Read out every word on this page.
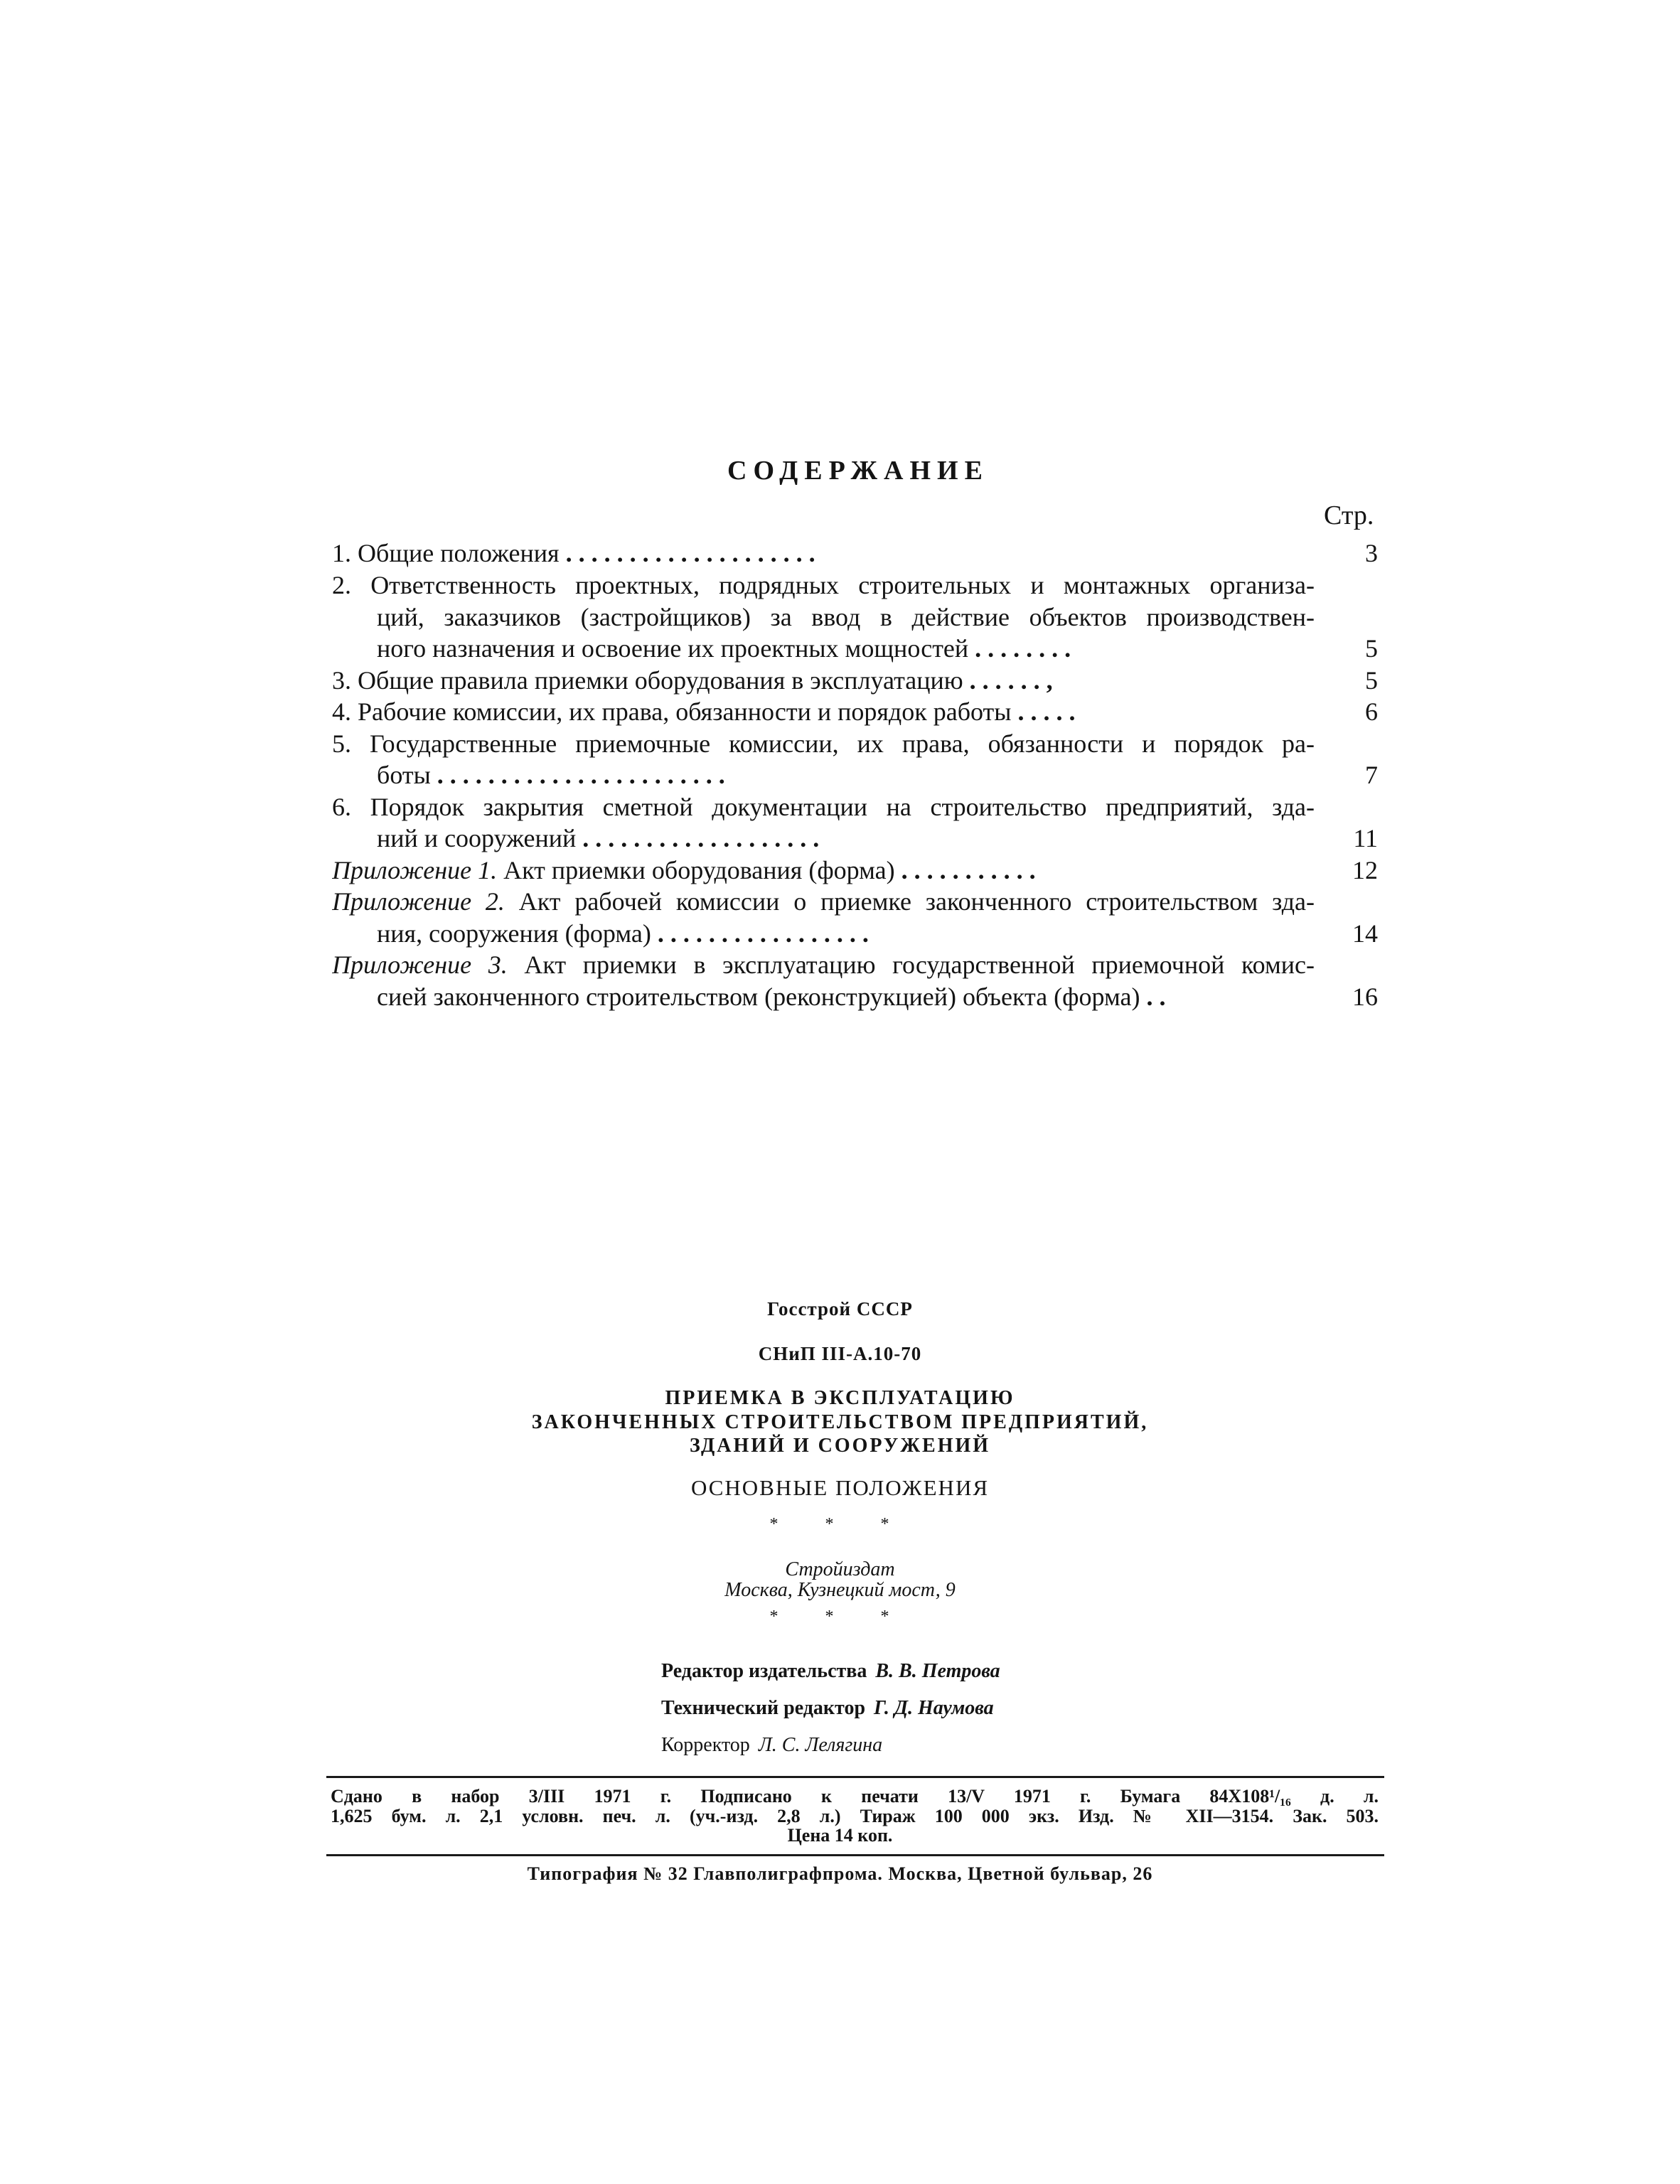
СОДЕРЖАНИЕ
Стр.
1. Общие положения . . . . . . . . . . . . . . . . . . . .	3
2. Ответственность проектных, подрядных строительных и монтажных организа-
ций, заказчиков (застройщиков) за ввод в действие объектов производствен-
ного назначения и освоение их проектных мощностей . . . . . . . .	5
3. Общие правила приемки оборудования в эксплуатацию . . . . . . ,	5
4. Рабочие комиссии, их права, обязанности и порядок работы . . . . .	6
5. Государственные приемочные комиссии, их права, обязанности и порядок ра-
боты . . . . . . . . . . . . . . . . . . . . . . .	7
6. Порядок закрытия сметной документации на строительство предприятий, зда-
ний и сооружений . . . . . . . . . . . . . . . . . . .	11
Приложение 1. Акт приемки оборудования (форма) . . . . . . . . . . .	12
Приложение 2. Акт рабочей комиссии о приемке законченного строительством зда-
ния, сооружения (форма) . . . . . . . . . . . . . . . . .	14
Приложение 3. Акт приемки в эксплуатацию государственной приемочной комис-
сией законченного строительством (реконструкцией) объекта (форма) . .	16
Госстрой СССР
СНиП III-А.10-70
ПРИЕМКА В ЭКСПЛУАТАЦИЮ
ЗАКОНЧЕННЫХ СТРОИТЕЛЬСТВОМ ПРЕДПРИЯТИЙ,
ЗДАНИЙ И СООРУЖЕНИЙ
ОСНОВНЫЕ ПОЛОЖЕНИЯ
* * *
Стройиздат
Москва, Кузнецкий мост, 9
* * *
Редактор издательства В. В. Петрова
Технический редактор Г. Д. Наумова
Корректор Л. С. Лелягина
Сдано в набор 3/III 1971 г. Подписано к печати 13/V 1971 г. Бумага 84X108¹/₁₆ д. л.
1,625 бум. л. 2,1 условн. печ. л. (уч.-изд. 2,8 л.) Тираж 100 000 экз. Изд. № XII—3154. Зак. 503.
Цена 14 коп.
Типография № 32 Главполиграфпрома. Москва, Цветной бульвар, 26
